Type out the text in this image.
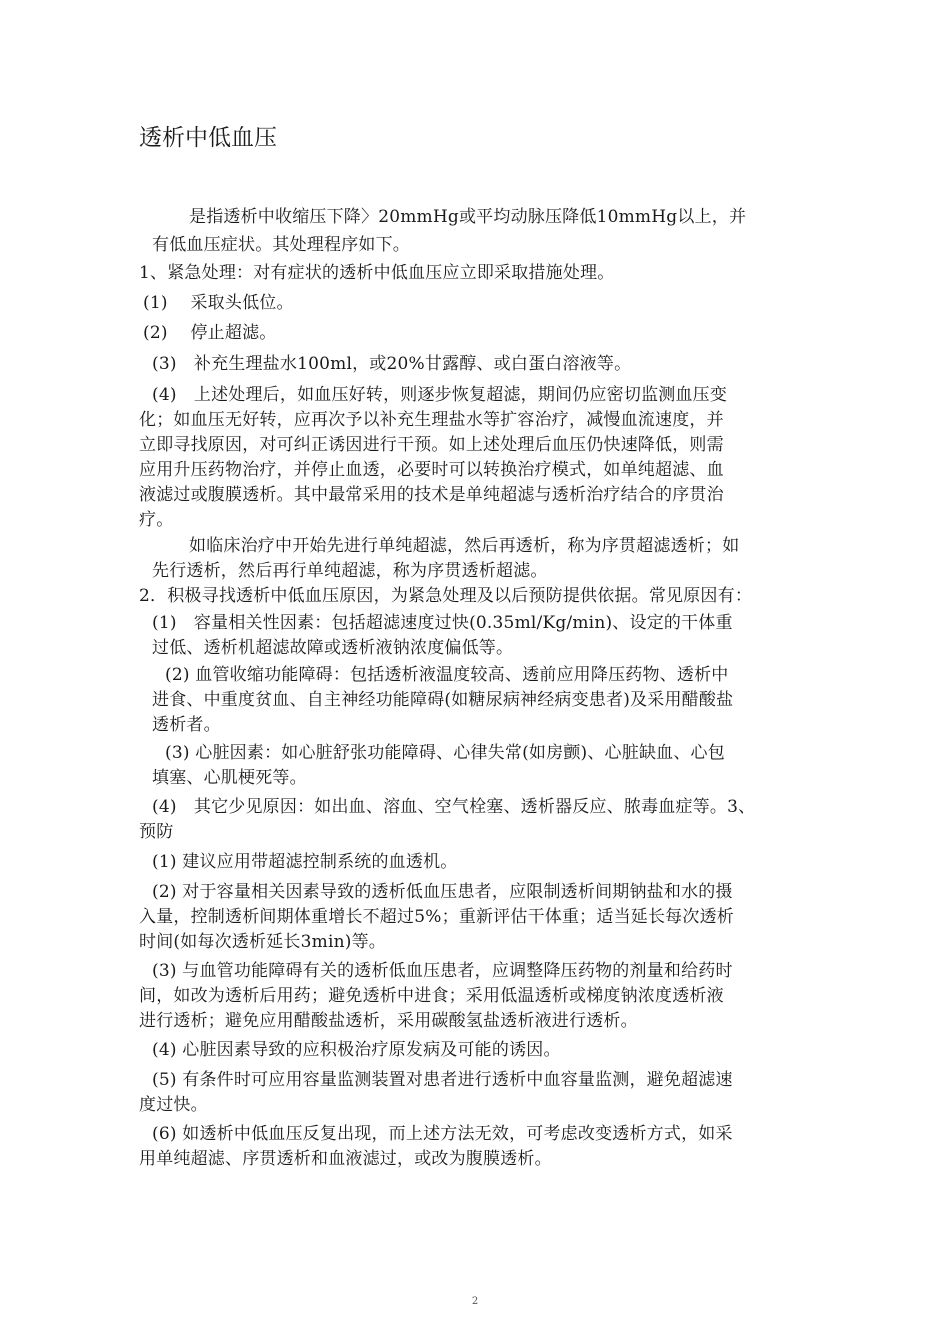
透析中低血压
是指透析中收缩压下降〉20mmHg或平均动脉压降低10mmHg以上，并
有低血压症状。其处理程序如下。
1、紧急处理：对有症状的透析中低血压应立即采取措施处理。
(1)　 采取头低位。
(2)　 停止超滤。
(3)　补充生理盐水100ml，或20%甘露醇、或白蛋白溶液等。
(4)　上述处理后，如血压好转，则逐步恢复超滤，期间仍应密切监测血压变
化；如血压无好转，应再次予以补充生理盐水等扩容治疗，减慢血流速度，并
立即寻找原因，对可纠正诱因进行干预。如上述处理后血压仍快速降低，则需
应用升压药物治疗，并停止血透，必要时可以转换治疗模式，如单纯超滤、血
液滤过或腹膜透析。其中最常采用的技术是单纯超滤与透析治疗结合的序贯治
疗。
如临床治疗中开始先进行单纯超滤，然后再透析，称为序贯超滤透析；如
先行透析，然后再行单纯超滤，称为序贯透析超滤。
2．积极寻找透析中低血压原因，为紧急处理及以后预防提供依据。常见原因有：
(1)　容量相关性因素：包括超滤速度过快(0.35ml/Kg/min)、设定的干体重
过低、透析机超滤故障或透析液钠浓度偏低等。
(2) 血管收缩功能障碍：包括透析液温度较高、透前应用降压药物、透析中
进食、中重度贫血、自主神经功能障碍(如糖尿病神经病变患者)及采用醋酸盐
透析者。
(3) 心脏因素：如心脏舒张功能障碍、心律失常(如房颤)、心脏缺血、心包
填塞、心肌梗死等。
(4)　其它少见原因：如出血、溶血、空气栓塞、透析器反应、脓毒血症等。3、
预防
(1) 建议应用带超滤控制系统的血透机。
(2) 对于容量相关因素导致的透析低血压患者，应限制透析间期钠盐和水的摄
入量，控制透析间期体重增长不超过5%；重新评估干体重；适当延长每次透析
时间(如每次透析延长3min)等。
(3) 与血管功能障碍有关的透析低血压患者，应调整降压药物的剂量和给药时
间，如改为透析后用药；避免透析中进食；采用低温透析或梯度钠浓度透析液
进行透析；避免应用醋酸盐透析，采用碳酸氢盐透析液进行透析。
(4) 心脏因素导致的应积极治疗原发病及可能的诱因。
(5) 有条件时可应用容量监测装置对患者进行透析中血容量监测，避免超滤速
度过快。
(6) 如透析中低血压反复出现，而上述方法无效，可考虑改变透析方式，如采
用单纯超滤、序贯透析和血液滤过，或改为腹膜透析。
2
